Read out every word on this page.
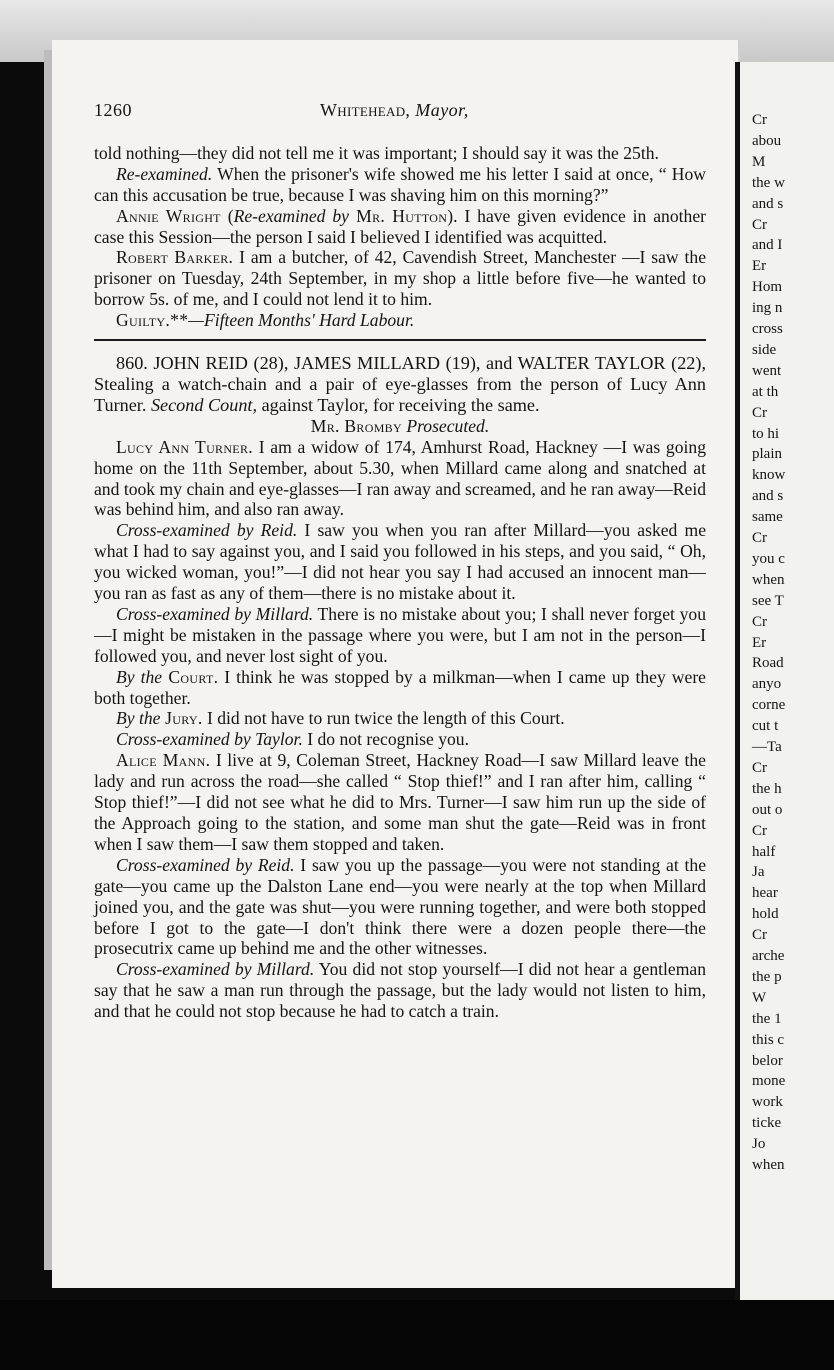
Cr
abou
M
the w
and s
Cr
and I
Er
Hom
ing n
cross
side
went
at th
Cr
to hi
plain
know
and s
same
Cr
you c
when
see T
Cr
Er
Road
anyo
corne
cut t
—Ta
Cr
the h
out o
Cr
half
Ja
hear
hold
Cr
arche
the p
W
the 1
this c
belor
mone
work
ticke
Jo
when
1260	Whitehead, Mayor,

told nothing—they did not tell me it was important; I should say it was the 25th.

Re-examined. When the prisoner's wife showed me his letter I said at once, “ How can this accusation be true, because I was shaving him on this morning?”

Annie Wright (Re-examined by Mr. Hutton). I have given evidence in another case this Session—the person I said I believed I identified was acquitted.

Robert Barker. I am a butcher, of 42, Cavendish Street, Manchester —I saw the prisoner on Tuesday, 24th September, in my shop a little before five—he wanted to borrow 5s. of me, and I could not lend it to him.

Guilty.**—Fifteen Months' Hard Labour.

860. JOHN REID (28), JAMES MILLARD (19), and WALTER TAYLOR (22), Stealing a watch-chain and a pair of eye-glasses from the person of Lucy Ann Turner. Second Count, against Taylor, for receiving the same.

Mr. Bromby Prosecuted.

Lucy Ann Turner. I am a widow of 174, Amhurst Road, Hackney —I was going home on the 11th September, about 5.30, when Millard came along and snatched at and took my chain and eye-glasses—I ran away and screamed, and he ran away—Reid was behind him, and also ran away.

Cross-examined by Reid. I saw you when you ran after Millard—you asked me what I had to say against you, and I said you followed in his steps, and you said, “ Oh, you wicked woman, you!”—I did not hear you say I had accused an innocent man—you ran as fast as any of them—there is no mistake about it.

Cross-examined by Millard. There is no mistake about you; I shall never forget you—I might be mistaken in the passage where you were, but I am not in the person—I followed you, and never lost sight of you.

By the Court. I think he was stopped by a milkman—when I came up they were both together.

By the Jury. I did not have to run twice the length of this Court.

Cross-examined by Taylor. I do not recognise you.

Alice Mann. I live at 9, Coleman Street, Hackney Road—I saw Millard leave the lady and run across the road—she called “ Stop thief!” and I ran after him, calling “ Stop thief!”—I did not see what he did to Mrs. Turner—I saw him run up the side of the Approach going to the station, and some man shut the gate—Reid was in front when I saw them—I saw them stopped and taken.

Cross-examined by Reid. I saw you up the passage—you were not standing at the gate—you came up the Dalston Lane end—you were nearly at the top when Millard joined you, and the gate was shut—you were running together, and were both stopped before I got to the gate—I don't think there were a dozen people there—the prosecutrix came up behind me and the other witnesses.

Cross-examined by Millard. You did not stop yourself—I did not hear a gentleman say that he saw a man run through the passage, but the lady would not listen to him, and that he could not stop because he had to catch a train.
